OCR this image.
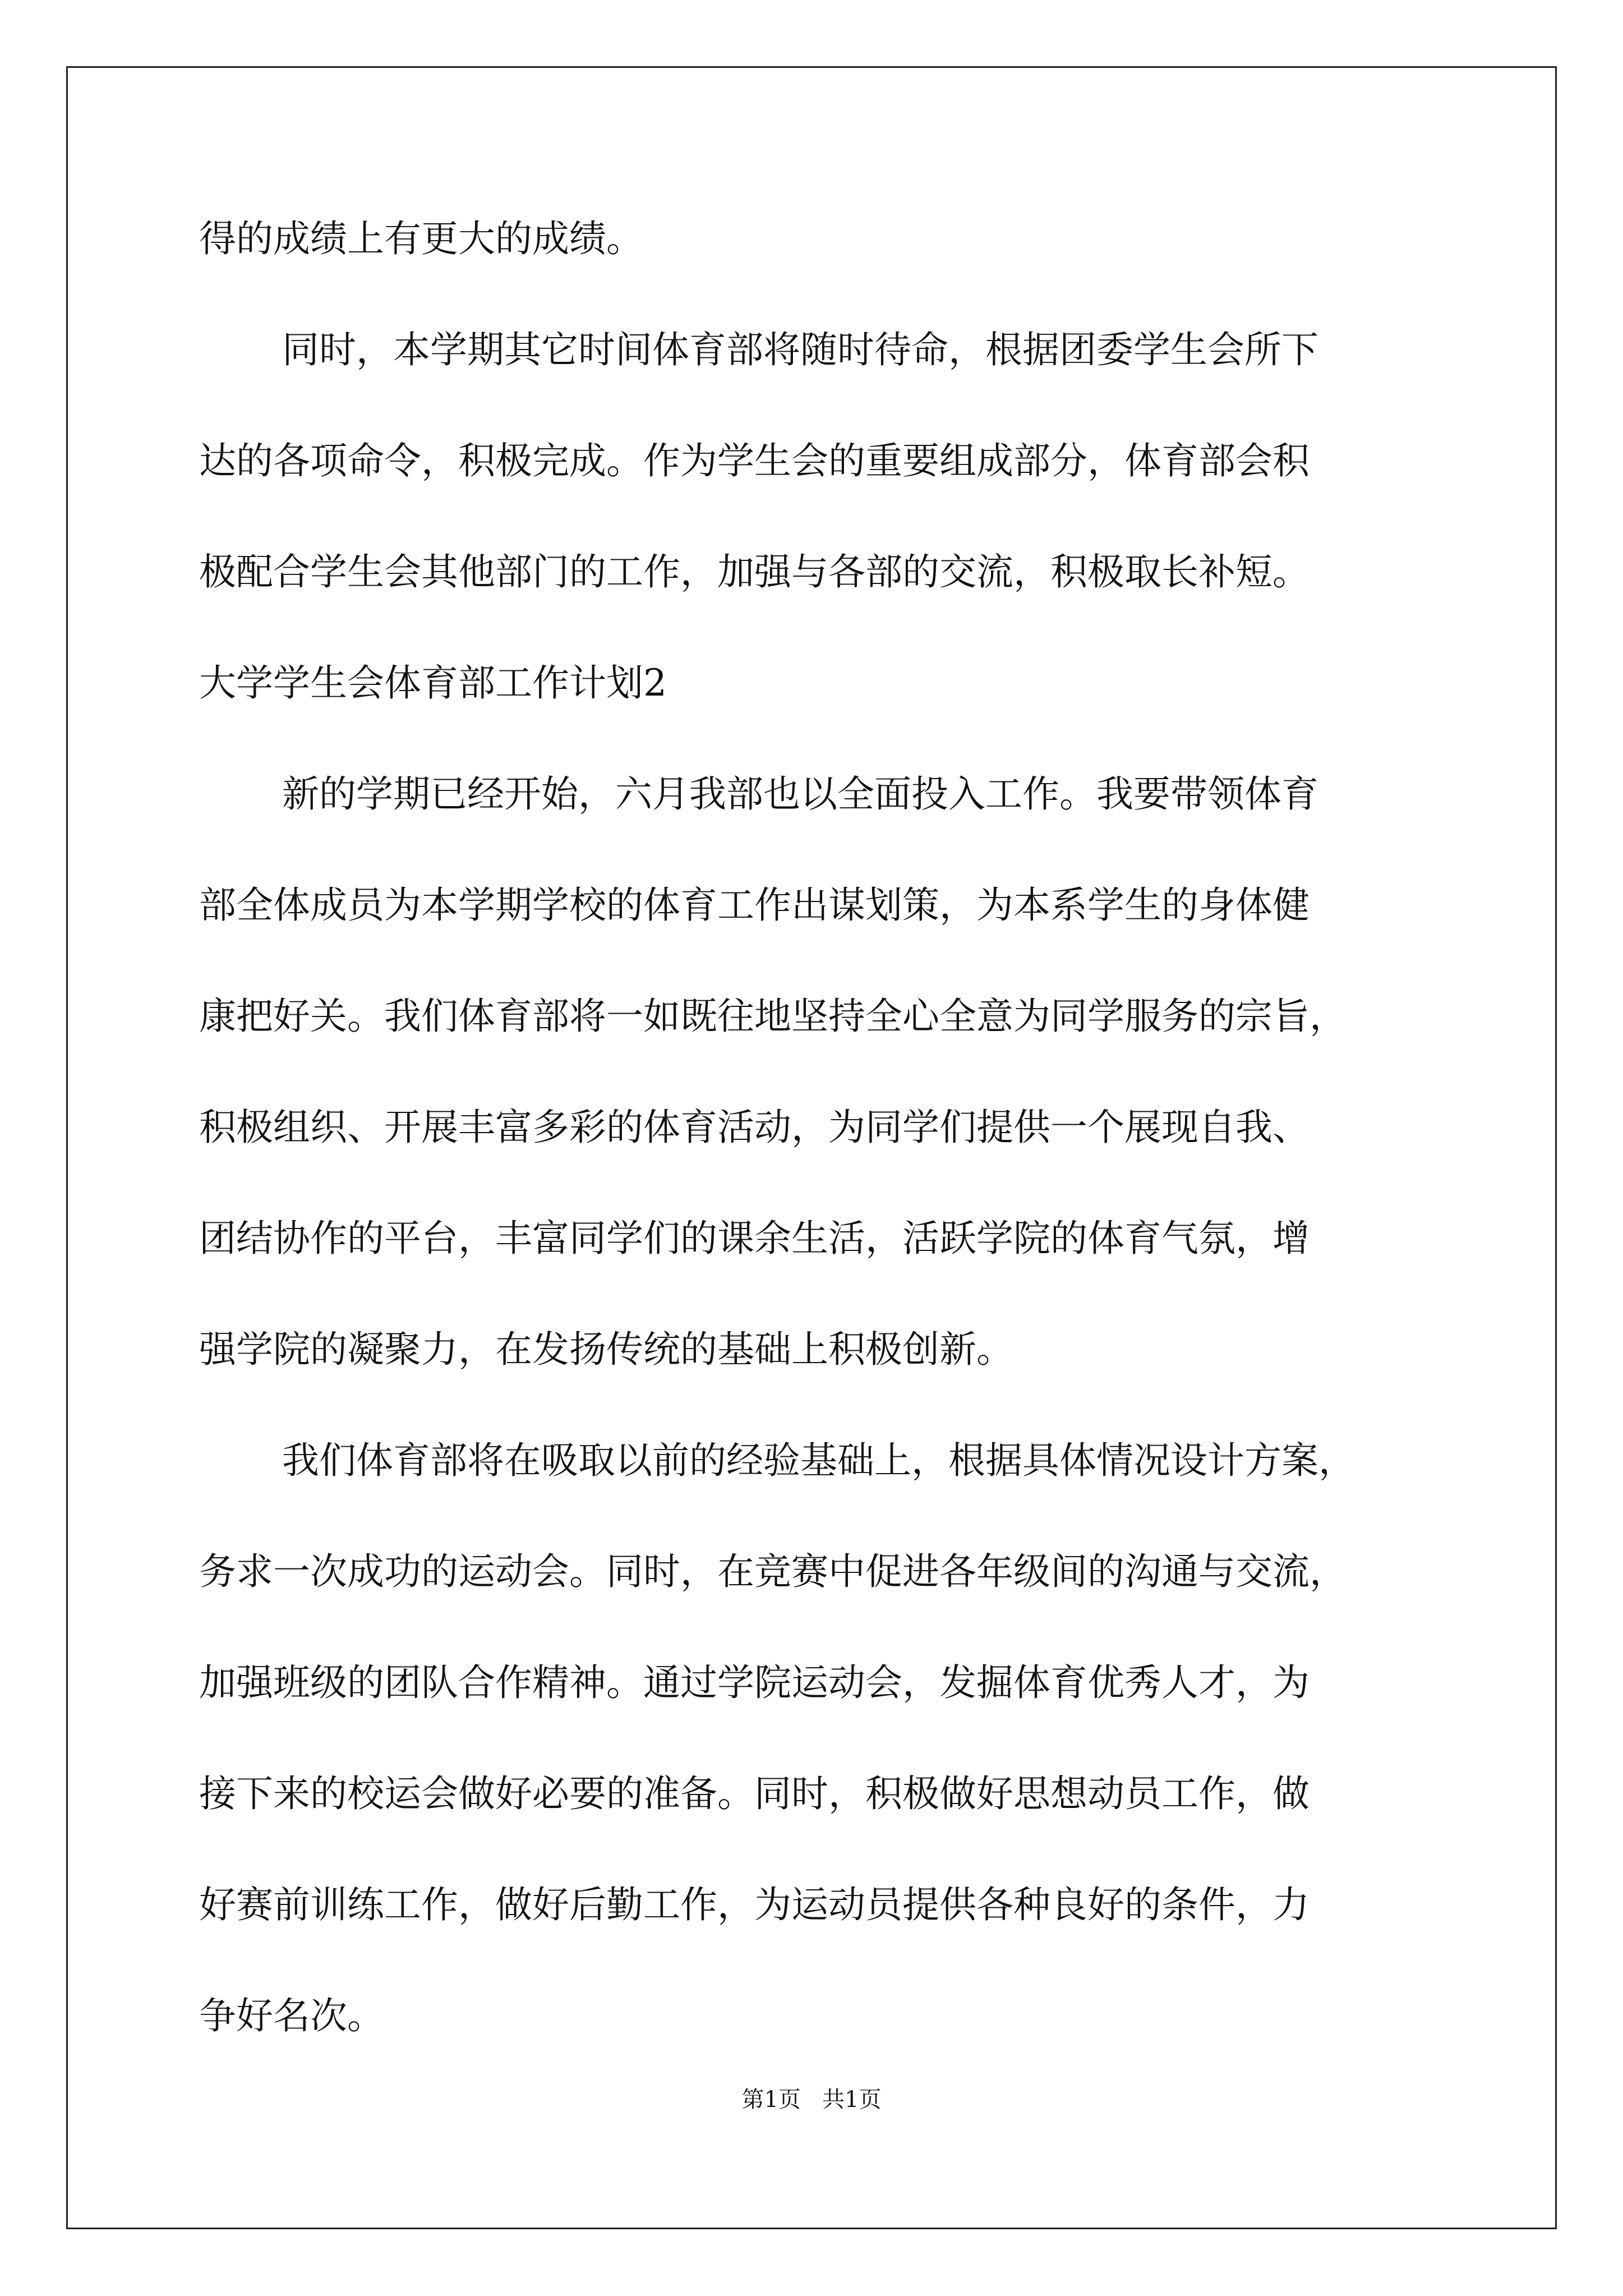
得的成绩上有更大的成绩。
同时，本学期其它时间体育部将随时待命，根据团委学生会所下
达的各项命令，积极完成。作为学生会的重要组成部分，体育部会积
极配合学生会其他部门的工作，加强与各部的交流，积极取长补短。
大学学生会体育部工作计划2
新的学期已经开始，六月我部也以全面投入工作。我要带领体育
部全体成员为本学期学校的体育工作出谋划策，为本系学生的身体健
康把好关。我们体育部将一如既往地坚持全心全意为同学服务的宗旨，
积极组织、开展丰富多彩的体育活动，为同学们提供一个展现自我、
团结协作的平台，丰富同学们的课余生活，活跃学院的体育气氛，增
强学院的凝聚力，在发扬传统的基础上积极创新。
我们体育部将在吸取以前的经验基础上，根据具体情况设计方案，
务求一次成功的运动会。同时，在竞赛中促进各年级间的沟通与交流，
加强班级的团队合作精神。通过学院运动会，发掘体育优秀人才，为
接下来的校运会做好必要的准备。同时，积极做好思想动员工作，做
好赛前训练工作，做好后勤工作，为运动员提供各种良好的条件，力
争好名次。
第1页   共1页
